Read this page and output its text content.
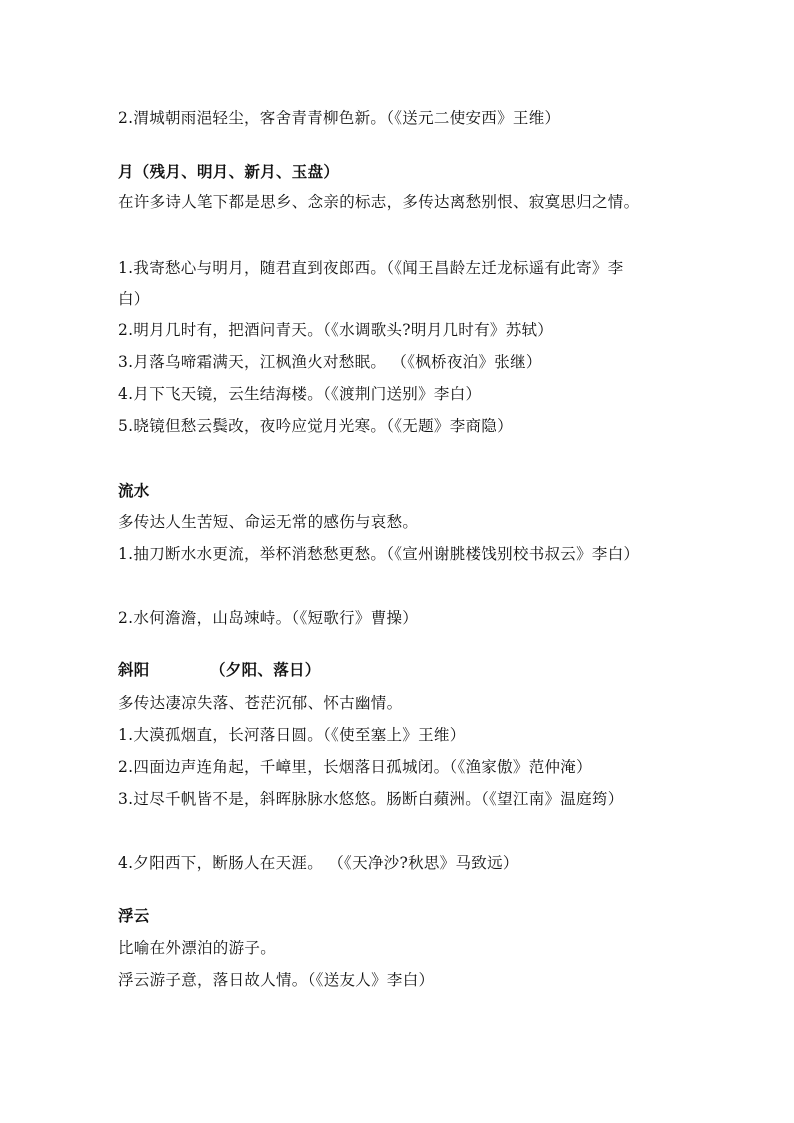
2.渭城朝雨浥轻尘，客舍青青柳色新。（《送元二使安西》王维）
月（残月、明月、新月、玉盘）
在许多诗人笔下都是思乡、念亲的标志，多传达离愁别恨、寂寞思归之情。
1.我寄愁心与明月，随君直到夜郎西。（《闻王昌龄左迁龙标遥有此寄》李
白）
2.明月几时有，把酒问青天。（《水调歌头?明月几时有》苏轼）
3.月落乌啼霜满天，江枫渔火对愁眠。 （《枫桥夜泊》张继）
4.月下飞天镜，云生结海楼。（《渡荆门送别》李白）
5.晓镜但愁云鬓改，夜吟应觉月光寒。（《无题》李商隐）
流水
多传达人生苦短、命运无常的感伤与哀愁。
1.抽刀断水水更流，举杯消愁愁更愁。（《宣州谢朓楼饯别校书叔云》李白）
2.水何澹澹，山岛竦峙。（《短歌行》曹操）
斜阳	（夕阳、落日）
多传达凄凉失落、苍茫沉郁、怀古幽情。
1.大漠孤烟直，长河落日圆。（《使至塞上》王维）
2.四面边声连角起，千嶂里，长烟落日孤城闭。（《渔家傲》范仲淹）
3.过尽千帆皆不是，斜晖脉脉水悠悠。肠断白蘋洲。（《望江南》温庭筠）
4.夕阳西下，断肠人在天涯。 （《天净沙?秋思》马致远）
浮云
比喻在外漂泊的游子。
浮云游子意，落日故人情。（《送友人》李白）
